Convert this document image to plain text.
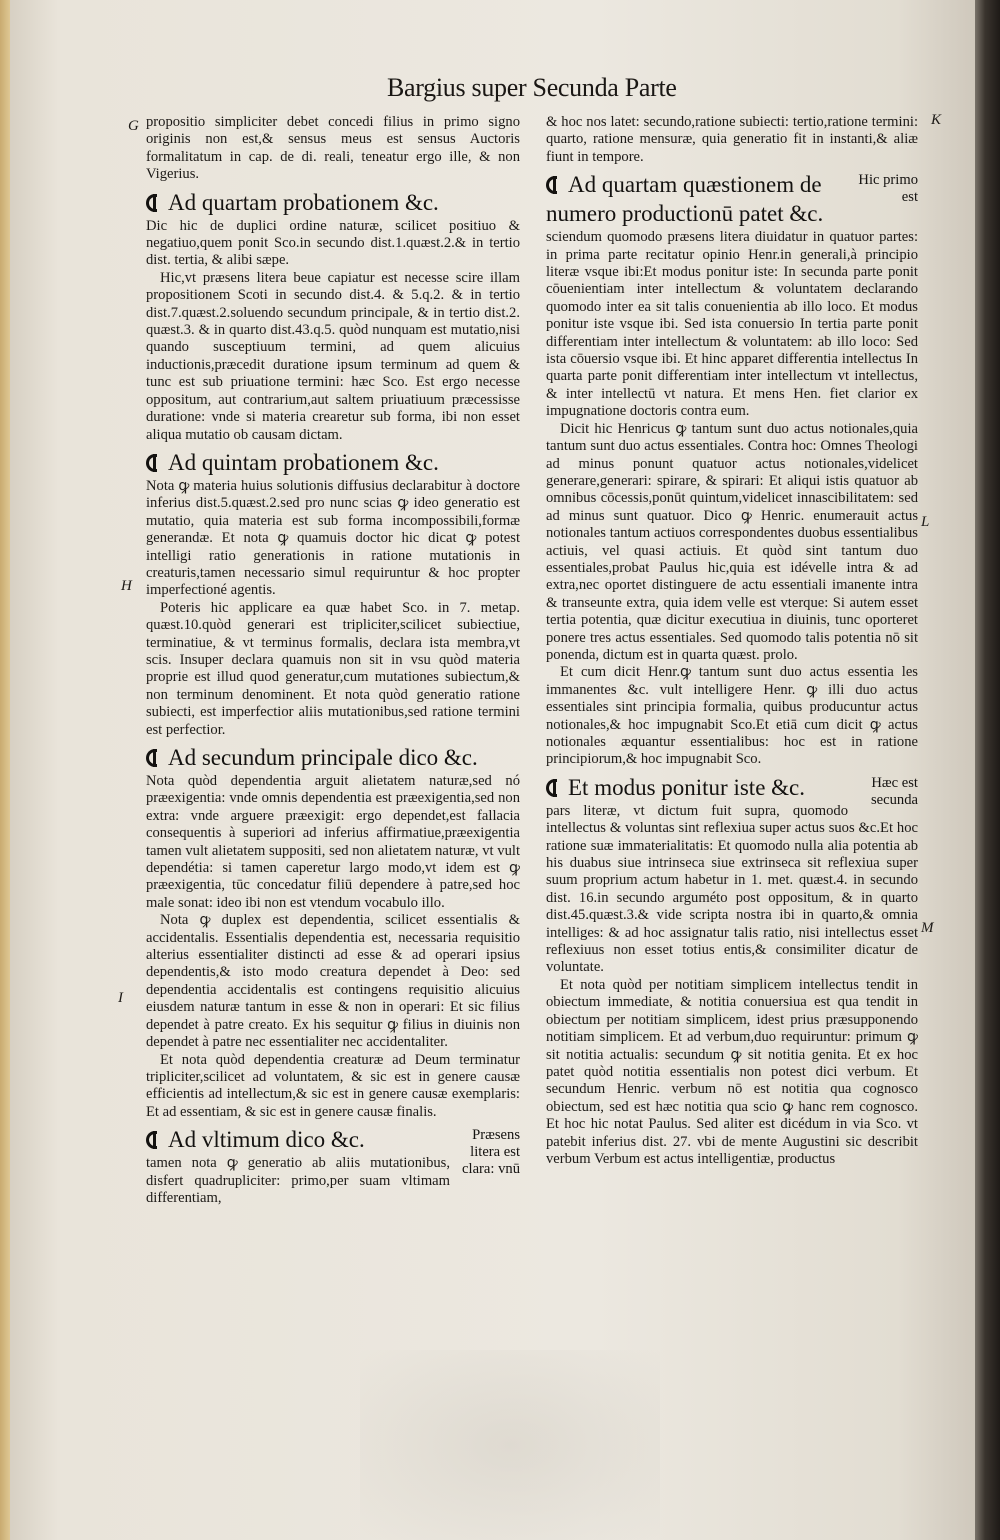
Bargius super Secunda Parte
G
H
I
K
L
M

propositio simpliciter debet concedi filius in primo signo originis non est,& sensus meus est sensus Auctoris formalitatum in cap. de di. reali, teneatur ergo ille, & non Vigerius.

Ad quartam probationem &c.

Dic hic de duplici ordine naturæ, scilicet positiuo & negatiuo,quem ponit Sco.in secundo dist.1.quæst.2.& in tertio dist. tertia, & alibi sæpe.

Hic,vt præsens litera beue capiatur est necesse scire illam propositionem Scoti in secundo dist.4. & 5.q.2. & in tertio dist.7.quæst.2.soluendo secundum principale, & in tertio dist.2. quæst.3. & in quarto dist.43.q.5. quòd nunquam est mutatio,nisi quando susceptiuum termini, ad quem alicuius inductionis,præcedit duratione ipsum terminum ad quem & tunc est sub priuatione termini: hæc Sco. Est ergo necesse oppositum, aut contrarium,aut saltem priuatiuum præcessisse duratione: vnde si materia crearetur sub forma, ibi non esset aliqua mutatio ob causam dictam.

Ad quintam probationem &c.

Nota ꝙ materia huius solutionis diffusius declarabitur à doctore inferius dist.5.quæst.2.sed pro nunc scias ꝙ ideo generatio est mutatio, quia materia est sub forma incompossibili,formæ generandæ. Et nota ꝙ quamuis doctor hic dicat ꝙ potest intelligi ratio generationis in ratione mutationis in creaturis,tamen necessario simul requiruntur & hoc propter imperfectioné agentis.

Poteris hic applicare ea quæ habet Sco. in 7. metap. quæst.10.quòd generari est tripliciter,scilicet subiectiue, terminatiue, & vt terminus formalis, declara ista membra,vt scis. Insuper declara quamuis non sit in vsu quòd materia proprie est illud quod generatur,cum mutationes subiectum,& non terminum denominent. Et nota quòd generatio ratione subiecti, est imperfectior aliis mutationibus,sed ratione termini est perfectior.

Ad secundum principale dico &c.

Nota quòd dependentia arguit alietatem naturæ,sed nó præexigentia: vnde omnis dependentia est præexigentia,sed non extra: vnde arguere præexigit: ergo dependet,est fallacia consequentis à superiori ad inferius affirmatiue,præexigentia tamen vult alietatem suppositi, sed non alietatem naturæ, vt vult dependétia: si tamen caperetur largo modo,vt idem est ꝙ præexigentia, tūc concedatur filiū dependere à patre,sed hoc male sonat: ideo ibi non est vtendum vocabulo illo.

Nota ꝙ duplex est dependentia, scilicet essentialis & accidentalis. Essentialis dependentia est, necessaria requisitio alterius essentialiter distincti ad esse & ad operari ipsius dependentis,& isto modo creatura dependet à Deo: sed dependentia accidentalis est contingens requisitio alicuius eiusdem naturæ tantum in esse & non in operari: Et sic filius dependet à patre creato. Ex his sequitur ꝙ filius in diuinis non dependet à patre nec essentialiter nec accidentaliter.

Et nota quòd dependentia creaturæ ad Deum terminatur tripliciter,scilicet ad voluntatem, & sic est in genere causæ efficientis ad intellectum,& sic est in genere causæ exemplaris: Et ad essentiam, & sic est in genere causæ finalis.

Præsens litera est clara: vnū
Ad vltimum dico &c.

tamen nota ꝙ generatio ab aliis mutationibus, disfert quadrupliciter: primo,per suam vltimam differentiam,

& hoc nos latet: secundo,ratione subiecti: tertio,ratione termini: quarto, ratione mensuræ, quia generatio fit in instanti,& aliæ fiunt in tempore.

Hic primo est
Ad quartam quæstionem de numero productionū patet &c.

sciendum quomodo præsens litera diuidatur in quatuor partes: in prima parte recitatur opinio Henr.in generali,à principio literæ vsque ibi:Et modus ponitur iste: In secunda parte ponit cōuenientiam inter intellectum & voluntatem declarando quomodo inter ea sit talis conuenientia ab illo loco. Et modus ponitur iste vsque ibi. Sed ista conuersio In tertia parte ponit differentiam inter intellectum & voluntatem: ab illo loco: Sed ista cōuersio vsque ibi. Et hinc apparet differentia intellectus In quarta parte ponit differentiam inter intellectum vt intellectus, & inter intellectū vt natura. Et mens Hen. fiet clarior ex impugnatione doctoris contra eum.

Dicit hic Henricus ꝙ tantum sunt duo actus notionales,quia tantum sunt duo actus essentiales. Contra hoc: Omnes Theologi ad minus ponunt quatuor actus notionales,videlicet generare,generari: spirare, & spirari: Et aliqui istis quatuor ab omnibus cōcessis,ponūt quintum,videlicet innascibilitatem: sed ad minus sunt quatuor. Dico ꝙ Henric. enumerauit actus notionales tantum actiuos correspondentes duobus essentialibus actiuis, vel quasi actiuis. Et quòd sint tantum duo essentiales,probat Paulus hic,quia est idévelle intra & ad extra,nec oportet distinguere de actu essentiali imanente intra & transeunte extra, quia idem velle est vterque: Si autem esset tertia potentia, quæ dicitur executiua in diuinis, tunc oporteret ponere tres actus essentiales. Sed quomodo talis potentia nō sit ponenda, dictum est in quarta quæst. prolo.

Et cum dicit Henr.ꝙ tantum sunt duo actus essentia les immanentes &c. vult intelligere Henr. ꝙ illi duo actus essentiales sint principia formalia, quibus producuntur actus notionales,& hoc impugnabit Sco.Et etiā cum dicit ꝙ actus notionales æquantur essentialibus: hoc est in ratione principiorum,& hoc impugnabit Sco.

Hæc est secunda
Et modus ponitur iste &c.

pars literæ, vt dictum fuit supra, quomodo intellectus & voluntas sint reflexiua super actus suos &c.Et hoc ratione suæ immaterialitatis: Et quomodo nulla alia potentia ab his duabus siue intrinseca siue extrinseca sit reflexiua super suum proprium actum habetur in 1. met. quæst.4. in secundo dist. 16.in secundo arguméto post oppositum, & in quarto dist.45.quæst.3.& vide scripta nostra ibi in quarto,& omnia intelliges: & ad hoc assignatur talis ratio, nisi intellectus esset reflexiuus non esset totius entis,& consimiliter dicatur de voluntate.

Et nota quòd per notitiam simplicem intellectus tendit in obiectum immediate, & notitia conuersiua est qua tendit in obiectum per notitiam simplicem, idest prius præsupponendo notitiam simplicem. Et ad verbum,duo requiruntur: primum ꝙ sit notitia actualis: secundum ꝙ sit notitia genita. Et ex hoc patet quòd notitia essentialis non potest dici verbum. Et secundum Henric. verbum nō est notitia qua cognosco obiectum, sed est hæc notitia qua scio ꝙ hanc rem cognosco. Et hoc hic notat Paulus. Sed aliter est dicédum in via Sco. vt patebit inferius dist. 27. vbi de mente Augustini sic describit verbum Verbum est actus intelligentiæ, productus
